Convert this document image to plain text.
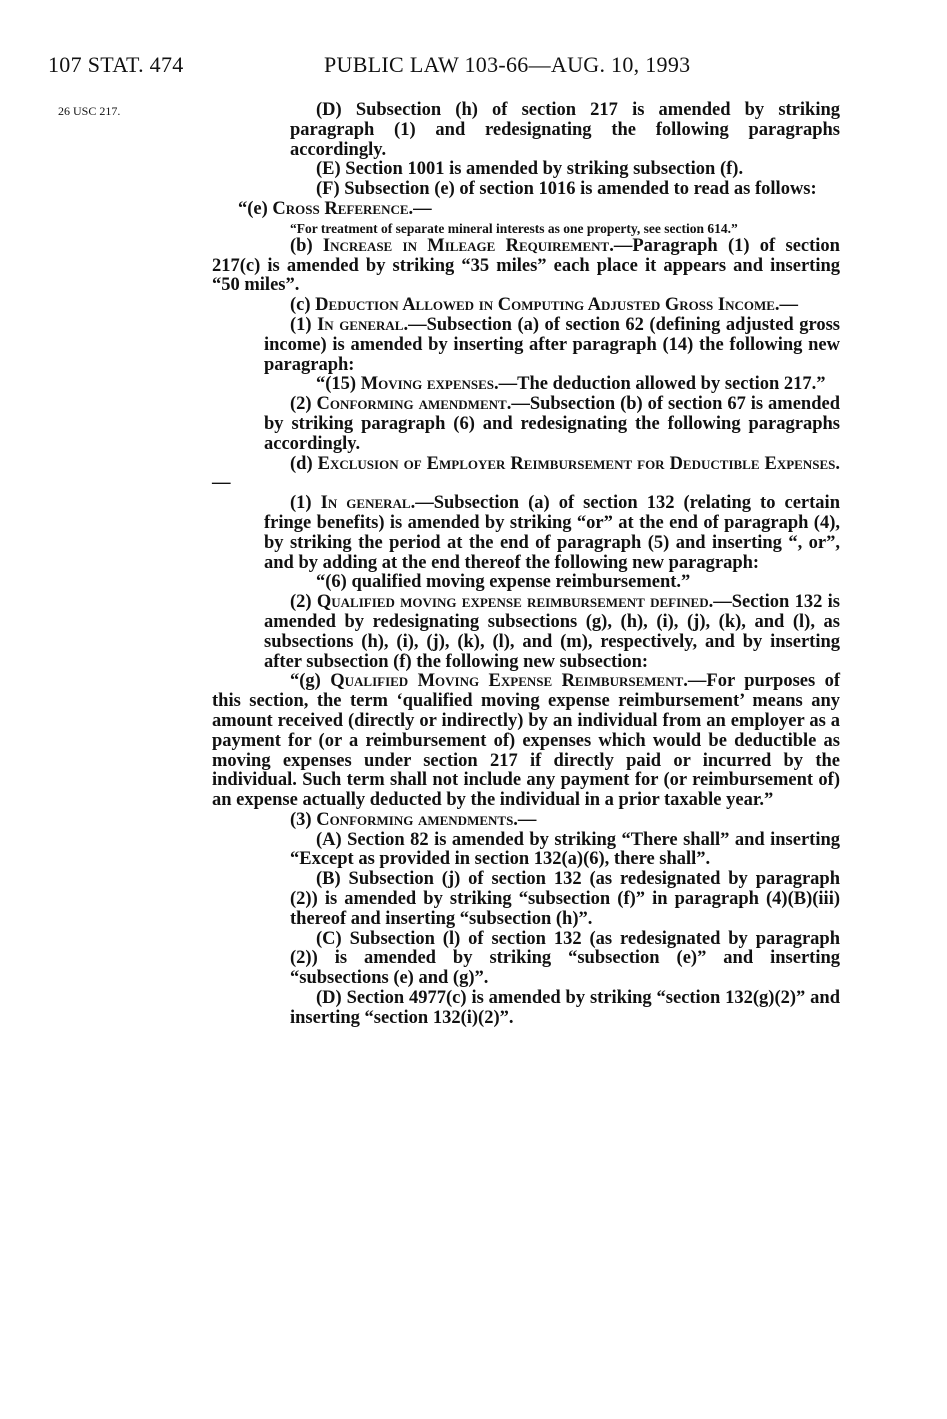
107 STAT. 474	PUBLIC LAW 103-66—AUG. 10, 1993
26 USC 217.	(D) Subsection (h) of section 217 is amended by striking paragraph (1) and redesignating the following paragraphs accordingly.

(E) Section 1001 is amended by striking subsection (f).

(F) Subsection (e) of section 1016 is amended to read as follows:

“(e) Cross Reference.—

“For treatment of separate mineral interests as one property, see section 614.”

(b) Increase in Mileage Requirement.—Paragraph (1) of section 217(c) is amended by striking “35 miles” each place it appears and inserting “50 miles”.

(c) Deduction Allowed in Computing Adjusted Gross Income.—

(1) In general.—Subsection (a) of section 62 (defining adjusted gross income) is amended by inserting after paragraph (14) the following new paragraph:

“(15) Moving expenses.—The deduction allowed by section 217.”

(2) Conforming amendment.—Subsection (b) of section 67 is amended by striking paragraph (6) and redesignating the following paragraphs accordingly.

(d) Exclusion of Employer Reimbursement for Deductible Expenses.—

(1) In general.—Subsection (a) of section 132 (relating to certain fringe benefits) is amended by striking “or” at the end of paragraph (4), by striking the period at the end of paragraph (5) and inserting “, or”, and by adding at the end thereof the following new paragraph:

“(6) qualified moving expense reimbursement.”

(2) Qualified moving expense reimbursement defined.—Section 132 is amended by redesignating subsections (g), (h), (i), (j), (k), and (l), as subsections (h), (i), (j), (k), (l), and (m), respectively, and by inserting after subsection (f) the following new subsection:

“(g) Qualified Moving Expense Reimbursement.—For purposes of this section, the term ‘qualified moving expense reimbursement’ means any amount received (directly or indirectly) by an individual from an employer as a payment for (or a reimbursement of) expenses which would be deductible as moving expenses under section 217 if directly paid or incurred by the individual. Such term shall not include any payment for (or reimbursement of) an expense actually deducted by the individual in a prior taxable year.”

(3) Conforming amendments.—

(A) Section 82 is amended by striking “There shall” and inserting “Except as provided in section 132(a)(6), there shall”.

(B) Subsection (j) of section 132 (as redesignated by paragraph (2)) is amended by striking “subsection (f)” in paragraph (4)(B)(iii) thereof and inserting “subsection (h)”.

(C) Subsection (l) of section 132 (as redesignated by paragraph (2)) is amended by striking “subsection (e)” and inserting “subsections (e) and (g)”.

(D) Section 4977(c) is amended by striking “section 132(g)(2)” and inserting “section 132(i)(2)”.
